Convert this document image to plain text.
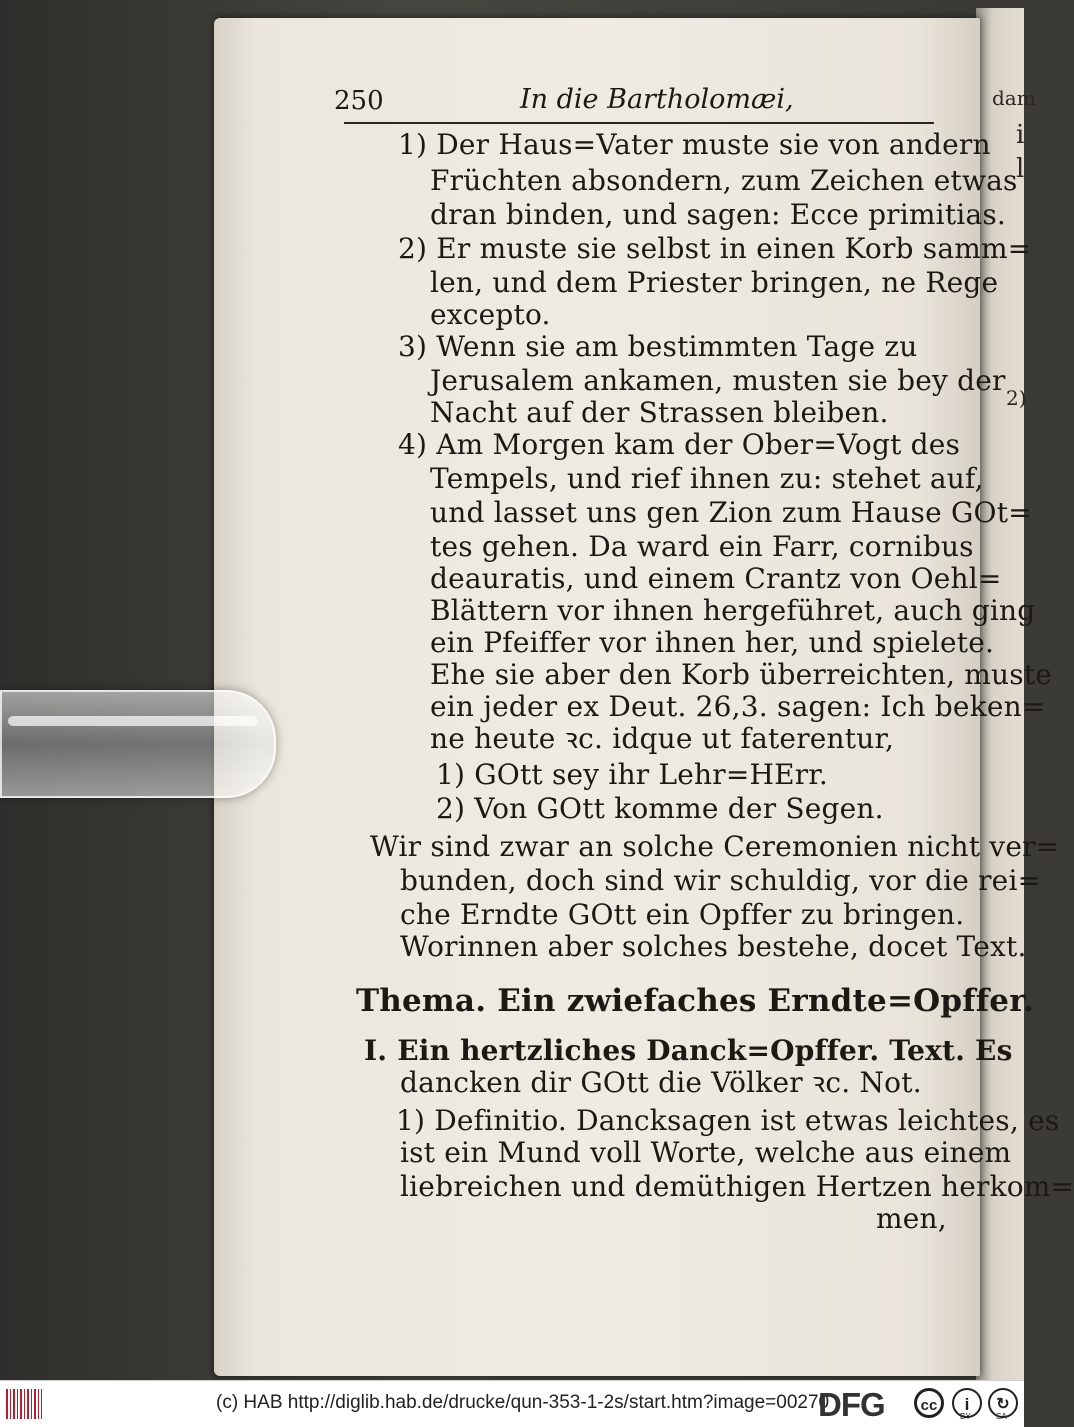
dam
i
l
2)
250	In die Bartholomæi,
1) Der Haus=Vater muste sie von andern
Früchten absondern, zum Zeichen etwas
dran binden, und sagen: Ecce primitias.
2) Er muste sie selbst in einen Korb samm=
len, und dem Priester bringen, ne Rege
excepto.
3) Wenn sie am bestimmten Tage zu
Jerusalem ankamen, musten sie bey der
Nacht auf der Strassen bleiben.
4) Am Morgen kam der Ober=Vogt des
Tempels, und rief ihnen zu: stehet auf,
und lasset uns gen Zion zum Hause GOt=
tes gehen. Da ward ein Farr, cornibus
deauratis, und einem Crantz von Oehl=
Blättern vor ihnen hergeführet, auch ging
ein Pfeiffer vor ihnen her, und spielete.
Ehe sie aber den Korb überreichten, muste
ein jeder ex Deut. 26,3. sagen: Ich beken=
ne heute ꝛc. idque ut faterentur,
1) GOtt sey ihr Lehr=HErr.
2) Von GOtt komme der Segen.
Wir sind zwar an solche Ceremonien nicht ver=
bunden, doch sind wir schuldig, vor die rei=
che Erndte GOtt ein Opffer zu bringen.
Worinnen aber solches bestehe, docet Text.
Thema. Ein zwiefaches Erndte=Opffer.
I. Ein hertzliches Danck=Opffer. Text. Es
dancken dir GOtt die Völker ꝛc. Not.
1) Definitio. Dancksagen ist etwas leichtes, es
ist ein Mund voll Worte, welche aus einem
liebreichen und demüthigen Hertzen herkom=
men,
(c) HAB http://diglib.hab.de/drucke/qun-353-1-2s/start.htm?image=00270
DFG	cc	i
BY
↻
SA
